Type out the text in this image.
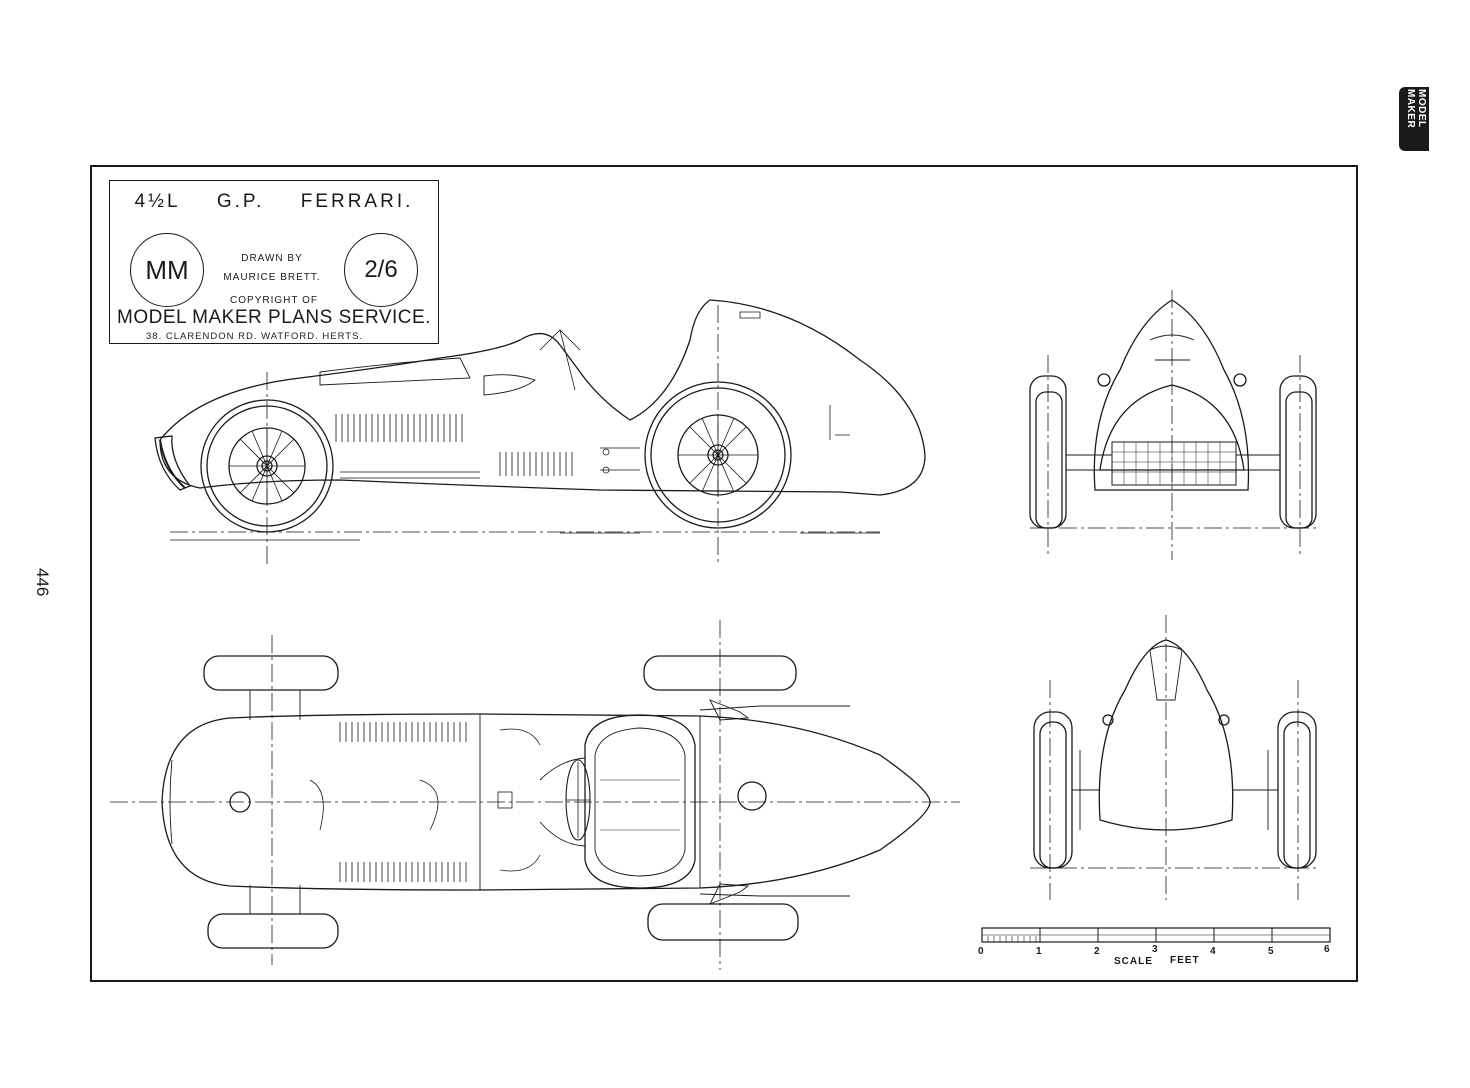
4½L G.P. FERRARI.
MM	DRAWN BY
MAURICE BRETT.	2/6
COPYRIGHT OF
MODEL MAKER PLANS SERVICE.
38. CLARENDON RD. WATFORD. HERTS.
446
MODEL MAKER
0	1	2	3	4	5	6
SCALE FEET
